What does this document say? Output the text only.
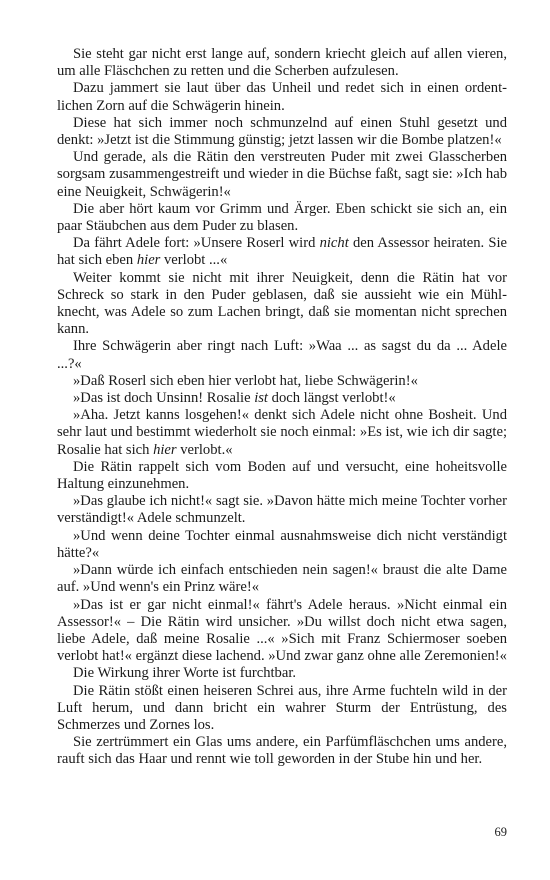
Sie steht gar nicht erst lange auf, sondern kriecht gleich auf allen vieren, um alle Fläschchen zu retten und die Scherben aufzulesen.

Dazu jammert sie laut über das Unheil und redet sich in einen ordentlichen Zorn auf die Schwägerin hinein.

Diese hat sich immer noch schmunzelnd auf einen Stuhl gesetzt und denkt: »Jetzt ist die Stimmung günstig; jetzt lassen wir die Bombe platzen!«

Und gerade, als die Rätin den verstreuten Puder mit zwei Glasscherben sorgsam zusammengestreift und wieder in die Büchse faßt, sagt sie: »Ich hab eine Neuigkeit, Schwägerin!«

Die aber hört kaum vor Grimm und Ärger. Eben schickt sie sich an, ein paar Stäubchen aus dem Puder zu blasen.

Da fährt Adele fort: »Unsere Roserl wird nicht den Assessor heiraten. Sie hat sich eben hier verlobt ...«

Weiter kommt sie nicht mit ihrer Neuigkeit, denn die Rätin hat vor Schreck so stark in den Puder geblasen, daß sie aussieht wie ein Mühlknecht, was Adele so zum Lachen bringt, daß sie momentan nicht sprechen kann.

Ihre Schwägerin aber ringt nach Luft: »Waa ... as sagst du da ... Adele ...?«

»Daß Roserl sich eben hier verlobt hat, liebe Schwägerin!«

»Das ist doch Unsinn! Rosalie ist doch längst verlobt!«

»Aha. Jetzt kanns losgehen!« denkt sich Adele nicht ohne Bosheit. Und sehr laut und bestimmt wiederholt sie noch einmal: »Es ist, wie ich dir sagte; Rosalie hat sich hier verlobt.«

Die Rätin rappelt sich vom Boden auf und versucht, eine hoheitsvolle Haltung einzunehmen.

»Das glaube ich nicht!« sagt sie. »Davon hätte mich meine Tochter vorher verständigt!« Adele schmunzelt.

»Und wenn deine Tochter einmal ausnahmsweise dich nicht verständigt hätte?«

»Dann würde ich einfach entschieden nein sagen!« braust die alte Dame auf. »Und wenn's ein Prinz wäre!«

»Das ist er gar nicht einmal!« fährt's Adele heraus. »Nicht einmal ein Assessor!« – Die Rätin wird unsicher. »Du willst doch nicht etwa sagen, liebe Adele, daß meine Rosalie ...« »Sich mit Franz Schiermoser soeben verlobt hat!« ergänzt diese lachend. »Und zwar ganz ohne alle Zeremonien!«

Die Wirkung ihrer Worte ist furchtbar.

Die Rätin stößt einen heiseren Schrei aus, ihre Arme fuchteln wild in der Luft herum, und dann bricht ein wahrer Sturm der Entrüstung, des Schmerzes und Zornes los.

Sie zertrümmert ein Glas ums andere, ein Parfümfläschchen ums andere, rauft sich das Haar und rennt wie toll geworden in der Stube hin und her.

69
